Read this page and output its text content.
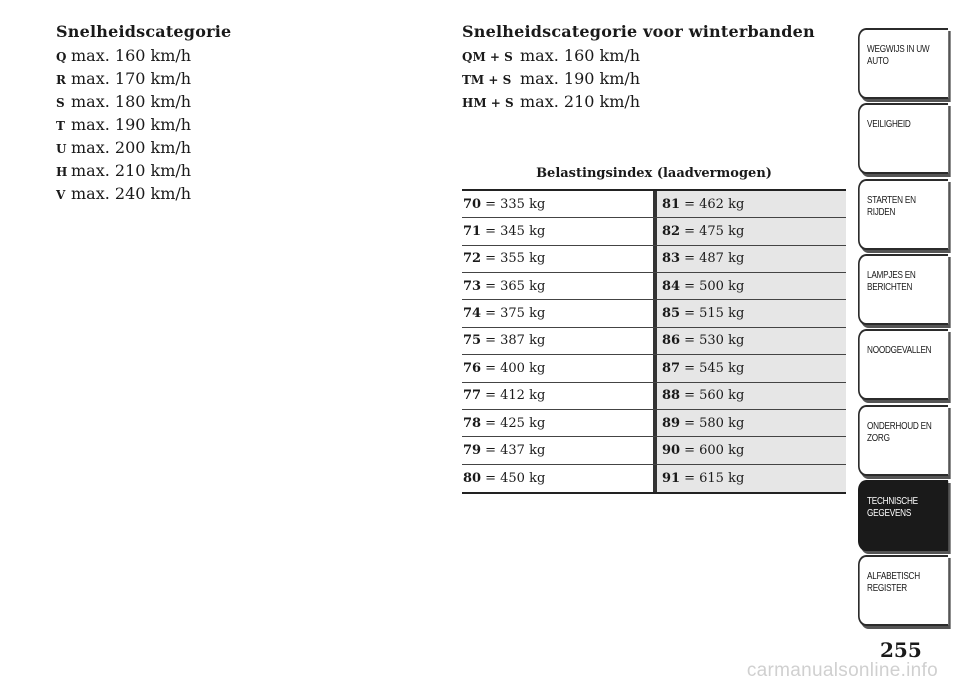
Snelheidscategorie
Q max. 160 km/h
R max. 170 km/h
S max. 180 km/h
T max. 190 km/h
U max. 200 km/h
H max. 210 km/h
V max. 240 km/h
Snelheidscategorie voor winterbanden
QM + S max. 160 km/h
TM + S max. 190 km/h
HM + S max. 210 km/h
Belastingsindex (laadvermogen)
70 = 335 kg	81 = 462 kg
71 = 345 kg	82 = 475 kg
72 = 355 kg	83 = 487 kg
73 = 365 kg	84 = 500 kg
74 = 375 kg	85 = 515 kg
75 = 387 kg	86 = 530 kg
76 = 400 kg	87 = 545 kg
77 = 412 kg	88 = 560 kg
78 = 425 kg	89 = 580 kg
79 = 437 kg	90 = 600 kg
80 = 450 kg	91 = 615 kg
WEGWIJS IN UW
AUTO
VEILIGHEID
STARTEN EN
RIJDEN
LAMPJES EN
BERICHTEN
NOODGEVALLEN
ONDERHOUD EN
ZORG
TECHNISCHE
GEGEVENS
ALFABETISCH
REGISTER
255
carmanualsonline.info
